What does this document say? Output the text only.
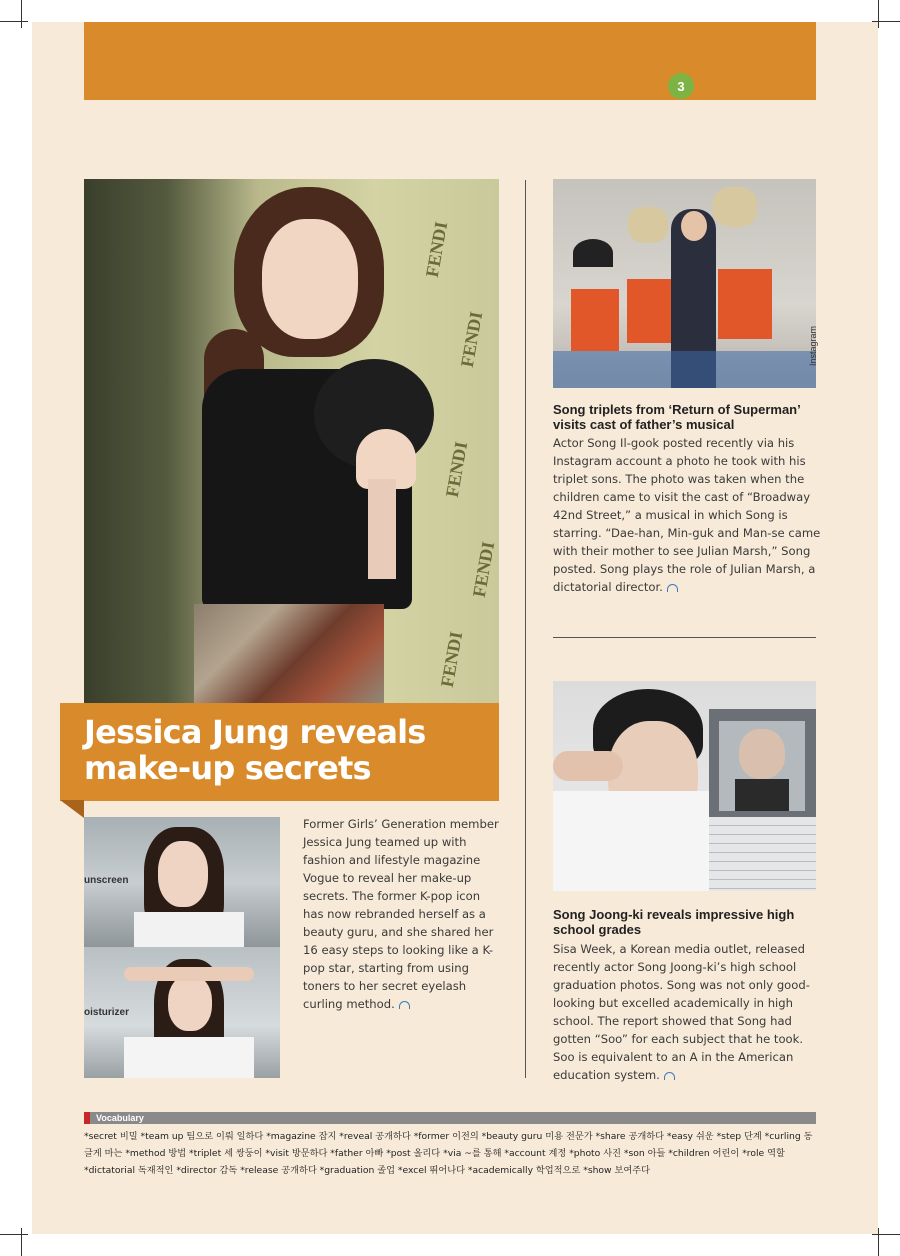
3 PEOPLE 07
FENDI
FENDI
FENDI
FENDI
FENDI
Jessica Jung reveals make-up secrets
unscreen
oisturizer

Former Girls’ Generation member Jessica Jung teamed up with fashion and lifestyle magazine Vogue to reveal her make-up secrets. The former K-pop icon has now rebranded herself as a beauty guru, and she shared her 16 easy steps to looking like a K-pop star, starting from using toners to her secret eyelash curling method.

Instagram
Song triplets from ‘Return of Superman’ visits cast of father’s musical

Actor Song Il-gook posted recently via his Instagram account a photo he took with his triplet sons. The photo was taken when the children came to visit the cast of “Broadway 42nd Street,” a musical in which Song is starring. “Dae-han, Min-guk and Man-se came with their mother to see Julian Marsh,” Song posted. Song plays the role of Julian Marsh, a dictatorial director.

Song Joong-ki reveals impressive high school grades

Sisa Week, a Korean media outlet, released recently actor Song Joong-ki’s high school graduation photos. Song was not only good-looking but excelled academically in high school. The report showed that Song had gotten “Soo” for each subject that he took. Soo is equivalent to an A in the American education system.

Vocabulary

*secret 비밀 *team up 팀으로 이뤄 일하다 *magazine 잡지 *reveal 공개하다 *former 이전의 *beauty guru 미용 전문가 *share 공개하다 *easy 쉬운 *step 단계 *curling 동글게 마는 *method 방법 *triplet 세 쌍둥이 *visit 방문하다 *father 아빠 *post 올리다 *via ~를 통해 *account 계정 *photo 사진 *son 아들 *children 어린이 *role 역할 *dictatorial 독재적인 *director 감독 *release 공개하다 *graduation 졸업 *excel 뛰어나다 *academically 학업적으로 *show 보여주다
